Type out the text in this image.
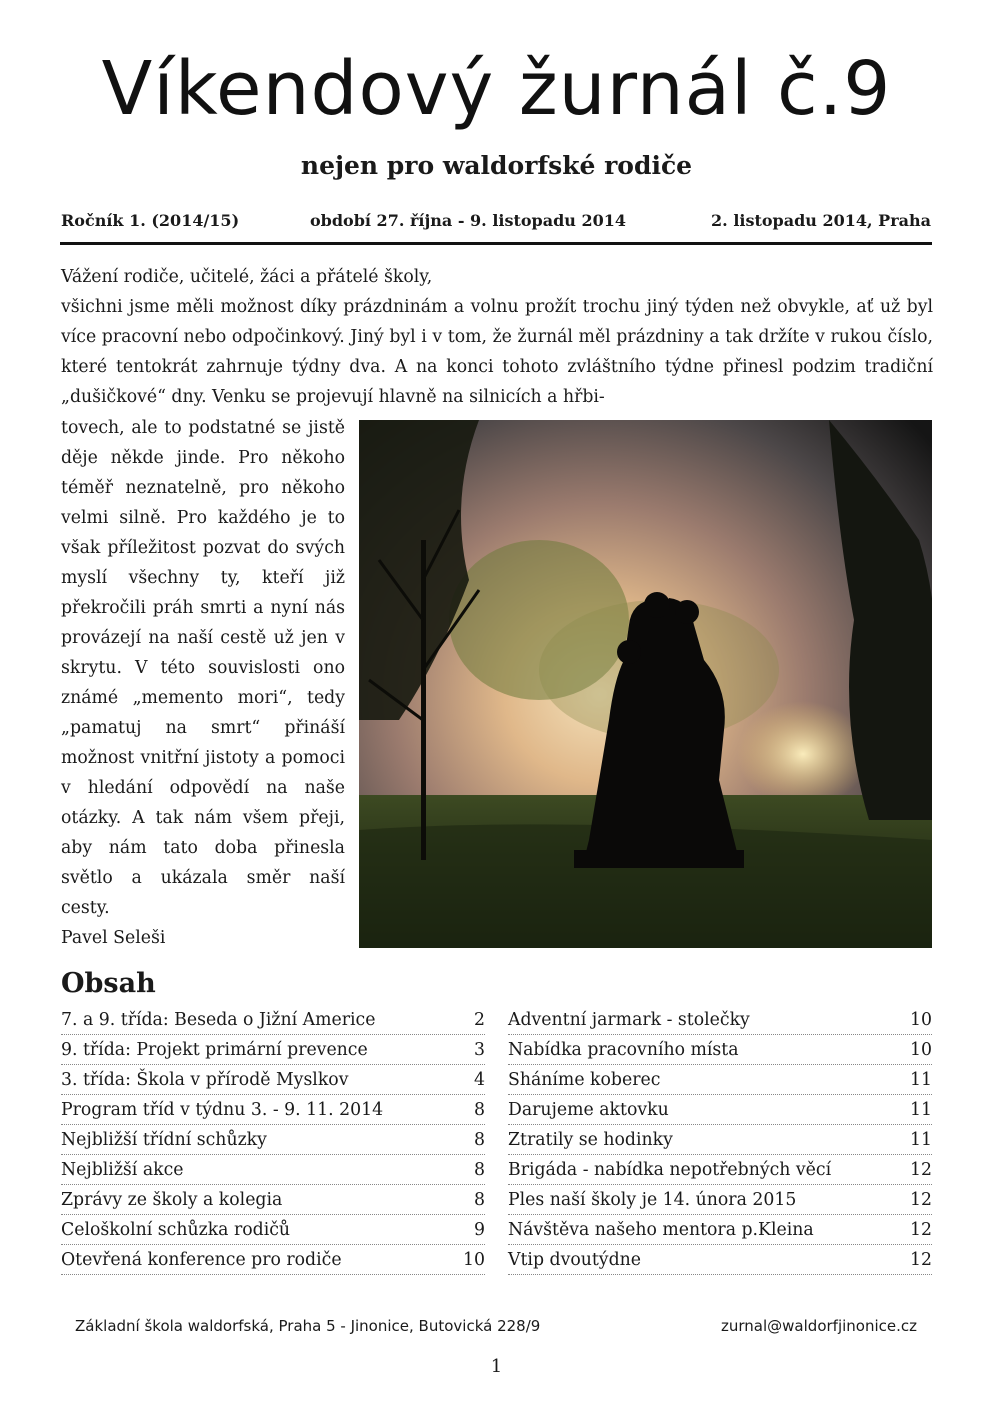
Víkendový žurnál č.9
nejen pro waldorfské rodiče
Ročník 1. (2014/15)	období 27. října - 9. listopadu 2014	2. listopadu 2014, Praha

Vážení rodiče, učitelé, žáci a přátelé školy,

všichni jsme měli možnost díky prázdninám a volnu prožít trochu jiný týden než obvykle, ať už byl více pracovní nebo odpočinkový. Jiný byl i v tom, že žurnál měl prázdniny a tak držíte v rukou číslo, které tentokrát zahrnuje týdny dva. A na konci tohoto zvláštního týdne přinesl podzim tradiční „dušičkové“ dny. Venku se projevují hlavně na silnicích a hřbi-

tovech, ale to podstatné se jistě děje někde jinde. Pro někoho téměř neznatelně, pro někoho velmi silně. Pro každého je to však příležitost pozvat do svých myslí všechny ty, kteří již překročili práh smrti a nyní nás provázejí na naší cestě už jen v skrytu. V této souvislosti ono známé „memento mori“, tedy „pamatuj na smrt“ přináší možnost vnitřní jistoty a pomoci v hledání odpovědí na naše otázky. A tak nám všem přeji, aby nám tato doba přinesla světlo a ukázala směr naší cesty.

Pavel Seleši

Obsah
7. a 9. třída: Beseda o Jižní Americe	2
9. třída: Projekt primární prevence	3
3. třída: Škola v přírodě Myslkov	4
Program tříd v týdnu 3. - 9. 11. 2014	8
Nejbližší třídní schůzky	8
Nejbližší akce	8
Zprávy ze školy a kolegia	8
Celoškolní schůzka rodičů	9
Otevřená konference pro rodiče	10
Adventní jarmark - stolečky	10
Nabídka pracovního místa	10
Sháníme koberec	11
Darujeme aktovku	11
Ztratily se hodinky	11
Brigáda - nabídka nepotřebných věcí	12
Ples naší školy je 14. února 2015	12
Návštěva našeho mentora p.Kleina	12
Vtip dvoutýdne	12
Základní škola waldorfská, Praha 5 - Jinonice, Butovická 228/9	zurnal@waldorfjinonice.cz
1
